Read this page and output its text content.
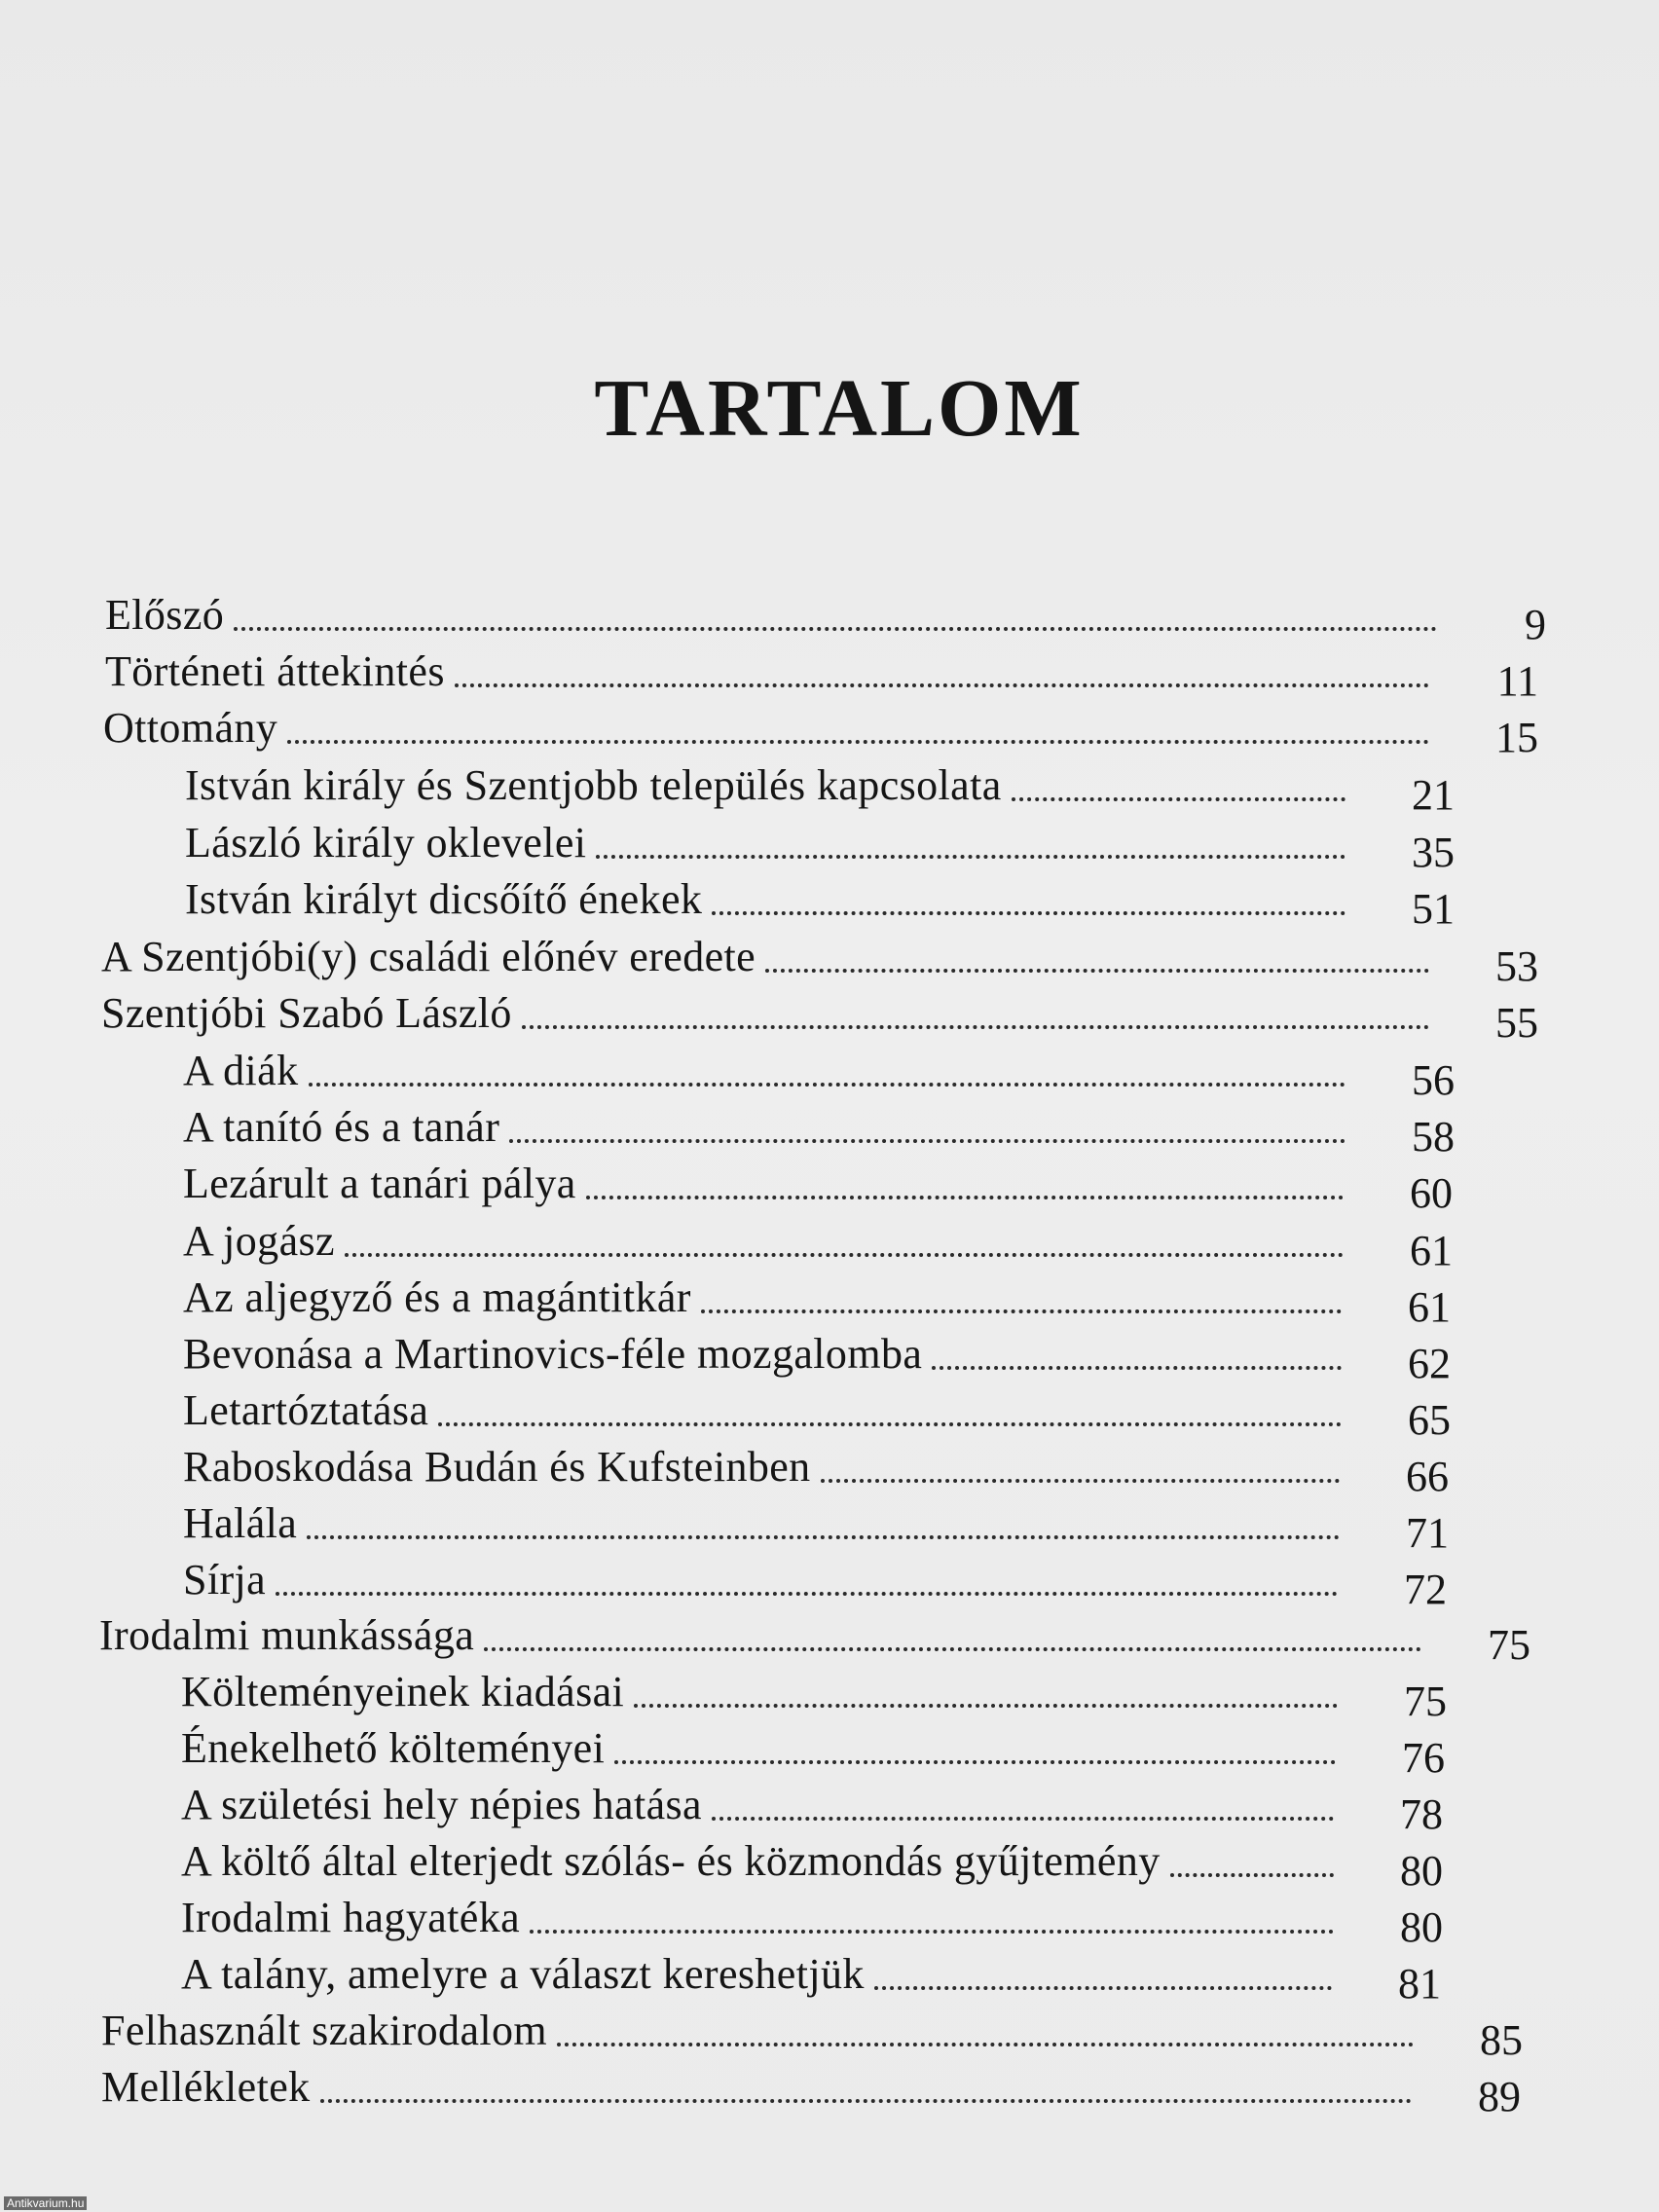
TARTALOM
Előszó	9
Történeti áttekintés	11
Ottomány	15
István király és Szentjobb település kapcsolata	21
László király oklevelei	35
István királyt dicsőítő énekek	51
A Szentjóbi(y) családi előnév eredete	53
Szentjóbi Szabó László	55
A diák	56
A tanító és a tanár	58
Lezárult a tanári pálya	60
A jogász	61
Az aljegyző és a magántitkár	61
Bevonása a Martinovics-féle mozgalomba	62
Letartóztatása	65
Raboskodása Budán és Kufsteinben	66
Halála	71
Sírja	72
Irodalmi munkássága	75
Költeményeinek kiadásai	75
Énekelhető költeményei	76
A születési hely népies hatása	78
A költő által elterjedt szólás- és közmondás gyűjtemény	80
Irodalmi hagyatéka	80
A talány, amelyre a választ kereshetjük	81
Felhasznált szakirodalom	85
Mellékletek	89
Antikvarium.hu
